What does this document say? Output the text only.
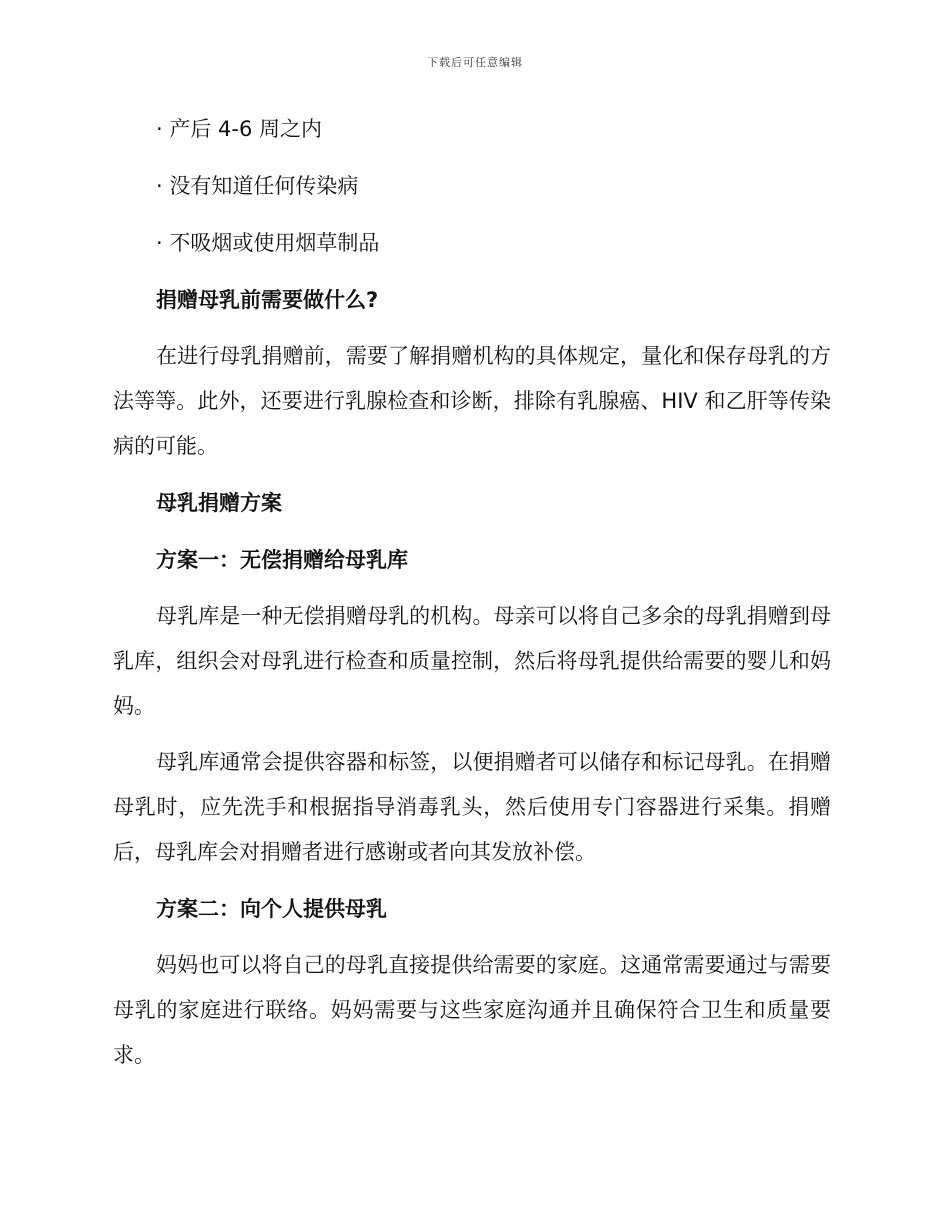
下载后可任意编辑
· 产后 4-6 周之内
· 没有知道任何传染病
· 不吸烟或使用烟草制品
捐赠母乳前需要做什么?
在进行母乳捐赠前，需要了解捐赠机构的具体规定，量化和保存母乳的方法等等。此外，还要进行乳腺检查和诊断，排除有乳腺癌、HIV 和乙肝等传染病的可能。
母乳捐赠方案
方案一：无偿捐赠给母乳库
母乳库是一种无偿捐赠母乳的机构。母亲可以将自己多余的母乳捐赠到母乳库，组织会对母乳进行检查和质量控制，然后将母乳提供给需要的婴儿和妈妈。
母乳库通常会提供容器和标签，以便捐赠者可以储存和标记母乳。在捐赠母乳时，应先洗手和根据指导消毒乳头，然后使用专门容器进行采集。捐赠后，母乳库会对捐赠者进行感谢或者向其发放补偿。
方案二：向个人提供母乳
妈妈也可以将自己的母乳直接提供给需要的家庭。这通常需要通过与需要母乳的家庭进行联络。妈妈需要与这些家庭沟通并且确保符合卫生和质量要求。
